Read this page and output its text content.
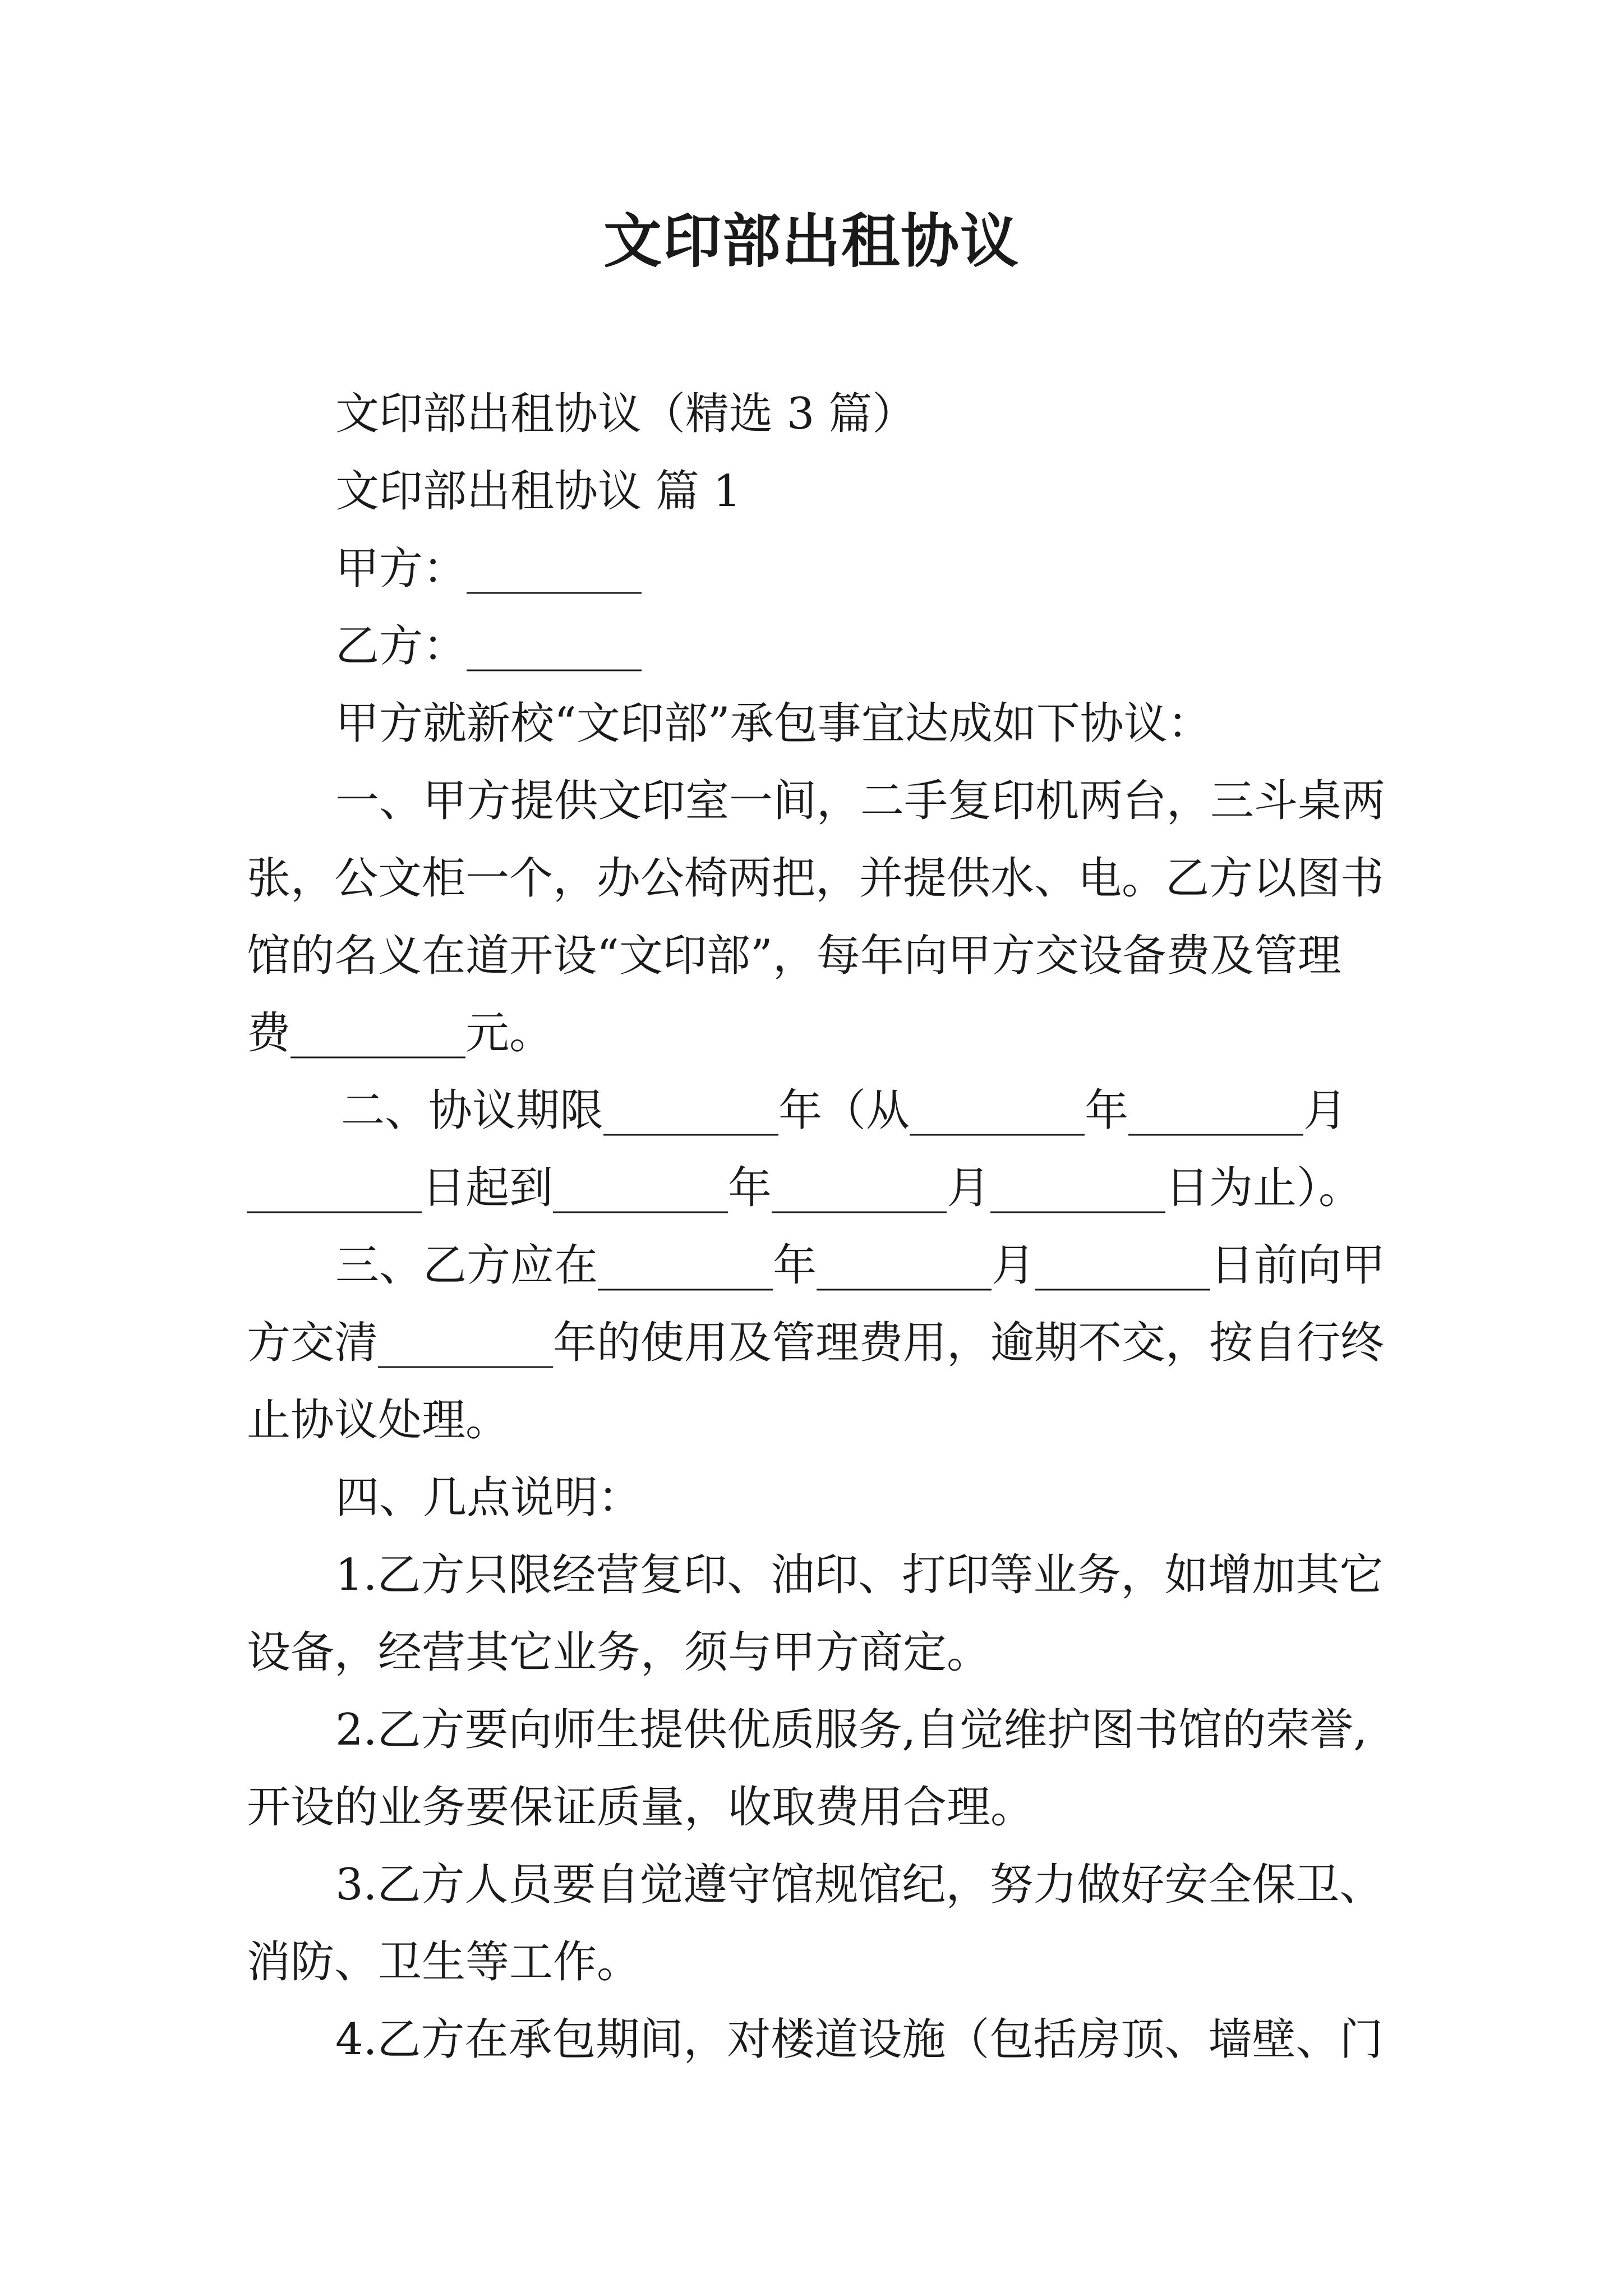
文印部出租协议
文印部出租协议（精选 3 篇）
文印部出租协议 篇 1
甲方：________
乙方：________
甲方就新校“文印部”承包事宜达成如下协议：
一、甲方提供文印室一间，二手复印机两台，三斗桌两
张，公文柜一个，办公椅两把，并提供水、电。乙方以图书
馆的名义在道开设“文印部”，每年向甲方交设备费及管理
费________元。
二、协议期限________年（从________年________月
________日起到________年________月________日为止）。
三、乙方应在________年________月________日前向甲
方交清________年的使用及管理费用，逾期不交，按自行终
止协议处理。
四、几点说明：
1.乙方只限经营复印、油印、打印等业务，如增加其它
设备，经营其它业务，须与甲方商定。
2.乙方要向师生提供优质服务,自觉维护图书馆的荣誉,
开设的业务要保证质量，收取费用合理。
3.乙方人员要自觉遵守馆规馆纪，努力做好安全保卫、
消防、卫生等工作。
4.乙方在承包期间，对楼道设施（包括房顶、墙壁、门
